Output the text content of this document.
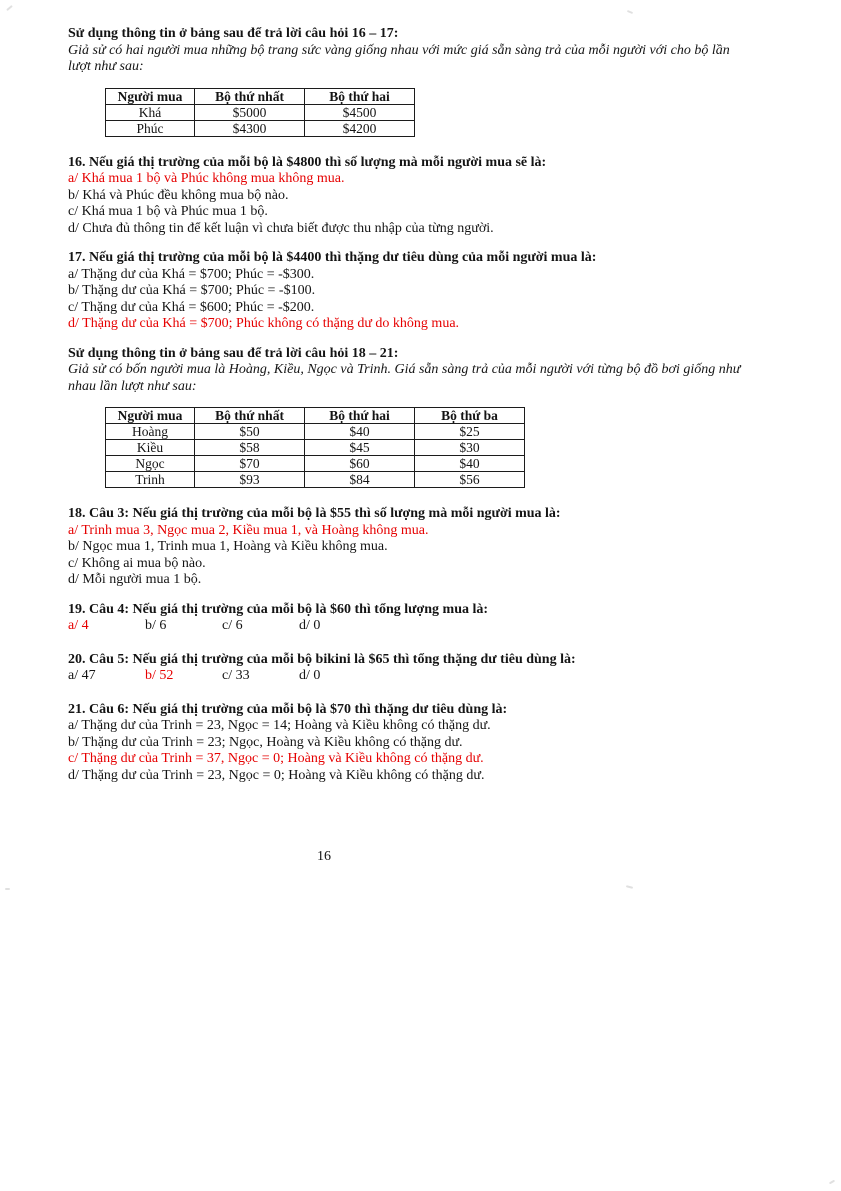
Sử dụng thông tin ở bảng sau để trả lời câu hỏi 16 – 17:

Giả sử có hai người mua những bộ trang sức vàng giống nhau với mức giá sẵn sàng trả của mỗi người với cho bộ lần lượt như sau:

Người mua	Bộ thứ nhất	Bộ thứ hai
Khá	$5000	$4500
Phúc	$4300	$4200

16. Nếu giá thị trường của mỗi bộ là $4800 thì số lượng mà mỗi người mua sẽ là:

a/ Khá mua 1 bộ và Phúc không mua không mua.

b/ Khá và Phúc đều không mua bộ nào.

c/ Khá mua 1 bộ và Phúc mua 1 bộ.

d/ Chưa đủ thông tin để kết luận vì chưa biết được thu nhập của từng người.

17. Nếu giá thị trường của mỗi bộ là $4400 thì thặng dư tiêu dùng của mỗi người mua là:

a/ Thặng dư của Khá = $700; Phúc = -$300.

b/ Thặng dư của Khá = $700; Phúc = -$100.

c/ Thặng dư của Khá = $600; Phúc = -$200.

d/ Thặng dư của Khá = $700; Phúc không có thặng dư do không mua.

Sử dụng thông tin ở bảng sau để trả lời câu hỏi 18 – 21:

Giả sử có bốn người mua là Hoàng, Kiều, Ngọc và Trinh. Giá sẵn sàng trả của mỗi người với từng bộ đồ bơi giống như nhau lần lượt như sau:

Người mua	Bộ thứ nhất	Bộ thứ hai	Bộ thứ ba
Hoàng	$50	$40	$25
Kiều	$58	$45	$30
Ngọc	$70	$60	$40
Trinh	$93	$84	$56

18. Câu 3: Nếu giá thị trường của mỗi bộ là $55 thì số lượng mà mỗi người mua là:

a/ Trinh mua 3, Ngọc mua 2, Kiều mua 1, và Hoàng không mua.

b/ Ngọc mua 1, Trinh mua 1, Hoàng và Kiều không mua.

c/ Không ai mua bộ nào.

d/ Mỗi người mua 1 bộ.

19. Câu 4: Nếu giá thị trường của mỗi bộ là $60 thì tổng lượng mua là:

a/ 4	b/ 6	c/ 6	d/ 0

20. Câu 5: Nếu giá thị trường của mỗi bộ bikini là $65 thì tổng thặng dư tiêu dùng là:

a/ 47	b/ 52	c/ 33	d/ 0

21. Câu 6: Nếu giá thị trường của mỗi bộ là $70 thì thặng dư tiêu dùng là:

a/ Thặng dư của Trinh = 23, Ngọc = 14; Hoàng và Kiều không có thặng dư.

b/ Thặng dư của Trinh = 23; Ngọc, Hoàng và Kiều không có thặng dư.

c/ Thặng dư của Trinh = 37, Ngọc = 0; Hoàng và Kiều không có thặng dư.

d/ Thặng dư của Trinh = 23, Ngọc = 0; Hoàng và Kiều không có thặng dư.

16
